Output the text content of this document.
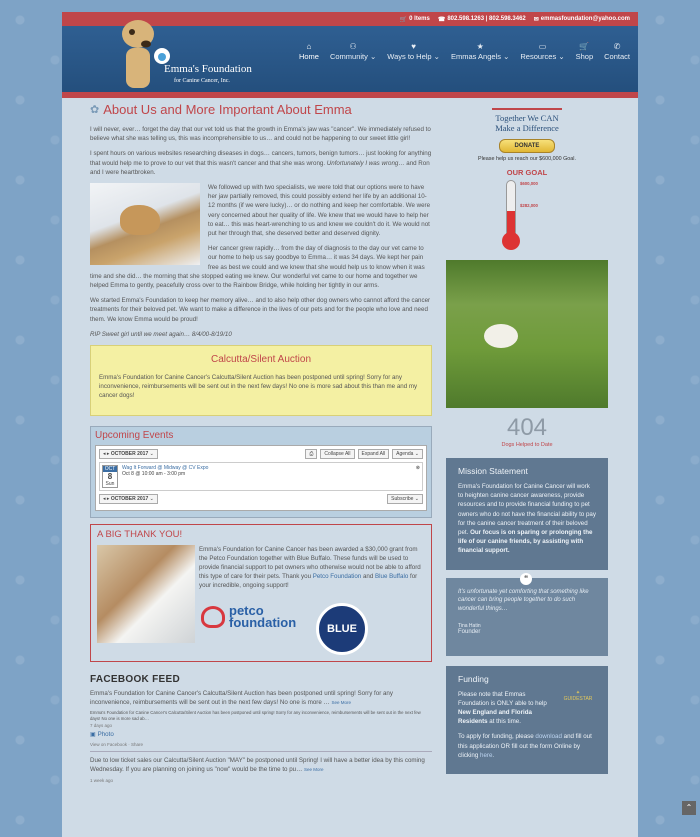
🛒 0 Items ☎ 802.598.1263 | 802.598.3462 ✉ emmasfoundation@yahoo.com
Emma's Foundation
for Canine Cancer, Inc.
⌂
Home
⚇
Community ⌄
♥
Ways to Help ⌄
★
Emmas Angels ⌄
▭
Resources ⌄
🛒
Shop
✆
Contact
✿ About Us and More Important About Emma

I will never, ever… forget the day that our vet told us that the growth in Emma's jaw was "cancer". We immediately refused to believe what she was telling us, this was incomprehensible to us… and could not be happening to our sweet little girl!

I spent hours on various websites researching diseases in dogs… cancers, tumors, benign tumors… just looking for anything that would help me to prove to our vet that this wasn't cancer and that she was wrong. Unfortunately I was wrong… and Ron and I were heartbroken.

We followed up with two specialists, we were told that our options were to have her jaw partially removed, this could possibly extend her life by an additional 10-12 months (if we were lucky)… or do nothing and keep her comfortable. We were very concerned about her quality of life. We knew that we would have to help her to eat… this was heart-wrenching to us and knew we couldn't do it. We would not put her through that, she deserved better and deserved dignity.

Her cancer grew rapidly… from the day of diagnosis to the day our vet came to our home to help us say goodbye to Emma… it was 34 days. We kept her pain free as best we could and we knew that she would help us to know when it was time and she did… the morning that she stopped eating we knew. Our wonderful vet came to our home and together we helped Emma to gently, peacefully cross over to the Rainbow Bridge, while holding her tightly in our arms.

We started Emma's Foundation to keep her memory alive… and to also help other dog owners who cannot afford the cancer treatments for their beloved pet. We want to make a difference in the lives of our pets and for the people who love and need them. We know Emma would be proud!

RIP Sweet girl until we meet again… 8/4/00-8/19/10

Calcutta/Silent Auction

Emma's Foundation for Canine Cancer's Calcutta/Silent Auction has been postponed until spring! Sorry for any inconvenience, reimbursements will be sent out in the next few days! No one is more sad about this than me and my cancer dogs!

Upcoming Events
◂ ▸ OCTOBER 2017 ⌄	⎙	Collapse All	Expand All	Agenda ⌄
OCT
8
Sun
Wag It Forward @ Midway @ CV Expo
Oct 8 @ 10:00 am - 3:00 pm
⊗
◂ ▸ OCTOBER 2017 ⌄	Subscribe ⌄
A BIG THANK YOU!
Emma's Foundation for Canine Cancer has been awarded a $30,000 grant from the Petco Foundation together with Blue Buffalo. These funds will be used to provide financial support to pet owners who otherwise would not be able to afford this type of care for their pets. Thank you Petco Foundation and Blue Buffalo for your incredible, ongoing support!
petco
foundation	BLUE
FACEBOOK FEED

Emma's Foundation for Canine Cancer's Calcutta/Silent Auction has been postponed until spring! Sorry for any inconvenience, reimbursements will be sent out in the next few days! No one is more … See More

Emma's Foundation for Canine Cancer's Calcutta/Silent Auction has been postponed until spring! Sorry for any inconvenience, reimbursements will be sent out in the next few days! No one is more sad ab…

7 days ago

▣ Photo

View on Facebook · Share

Due to low ticket sales our Calcutta/Silent Auction "MAY" be postponed until Spring! I will have a better idea by this coming Wednesday. If you are planning on joining us "now" would be the time to pu… See More

1 week ago

Together We CAN
Make a Difference
DONATE

Please help us reach our $600,000 Goal.

OUR GOAL
$600,000

$282,000
404
Dogs Helped to Date
Mission Statement

Emma's Foundation for Canine Cancer will work to heighten canine cancer awareness, provide resources and to provide financial funding to pet owners who do not have the financial ability to pay for the canine cancer treatment of their beloved pet. Our focus is on sparing or prolonging the life of our canine friends, by assisting with financial support.

❝

It's unfortunate yet comforting that something like cancer can bring people together to do such wonderful things…

Tina Hatin

Founder

Funding

Please note that Emmas Foundation is ONLY able to help New England and Florida Residents at this time.

✦
GUIDESTAR

To apply for funding, please download and fill out this application OR fill out the form Online by clicking here.

⌃
